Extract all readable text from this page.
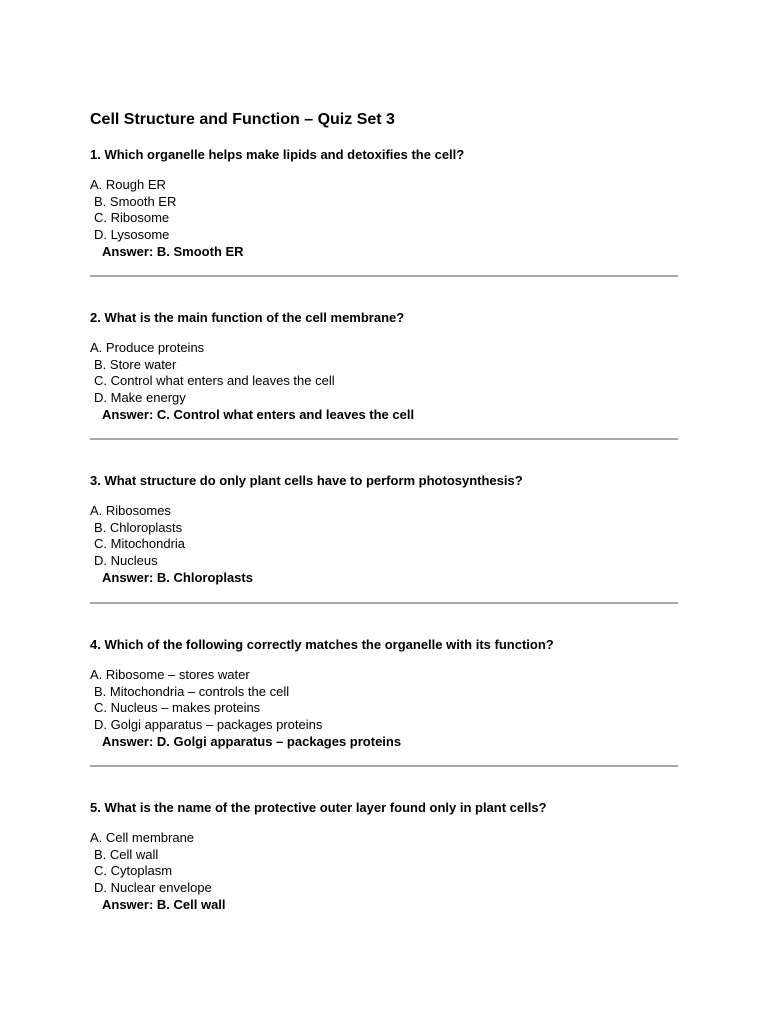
Cell Structure and Function – Quiz Set 3

1. Which organelle helps make lipids and detoxifies the cell?

A. Rough ER
B. Smooth ER
C. Ribosome
D. Lysosome

Answer: B. Smooth ER

2. What is the main function of the cell membrane?

A. Produce proteins
B. Store water
C. Control what enters and leaves the cell
D. Make energy

Answer: C. Control what enters and leaves the cell

3. What structure do only plant cells have to perform photosynthesis?

A. Ribosomes
B. Chloroplasts
C. Mitochondria
D. Nucleus

Answer: B. Chloroplasts

4. Which of the following correctly matches the organelle with its function?

A. Ribosome – stores water
B. Mitochondria – controls the cell
C. Nucleus – makes proteins
D. Golgi apparatus – packages proteins

Answer: D. Golgi apparatus – packages proteins

5. What is the name of the protective outer layer found only in plant cells?

A. Cell membrane
B. Cell wall
C. Cytoplasm
D. Nuclear envelope

Answer: B. Cell wall
